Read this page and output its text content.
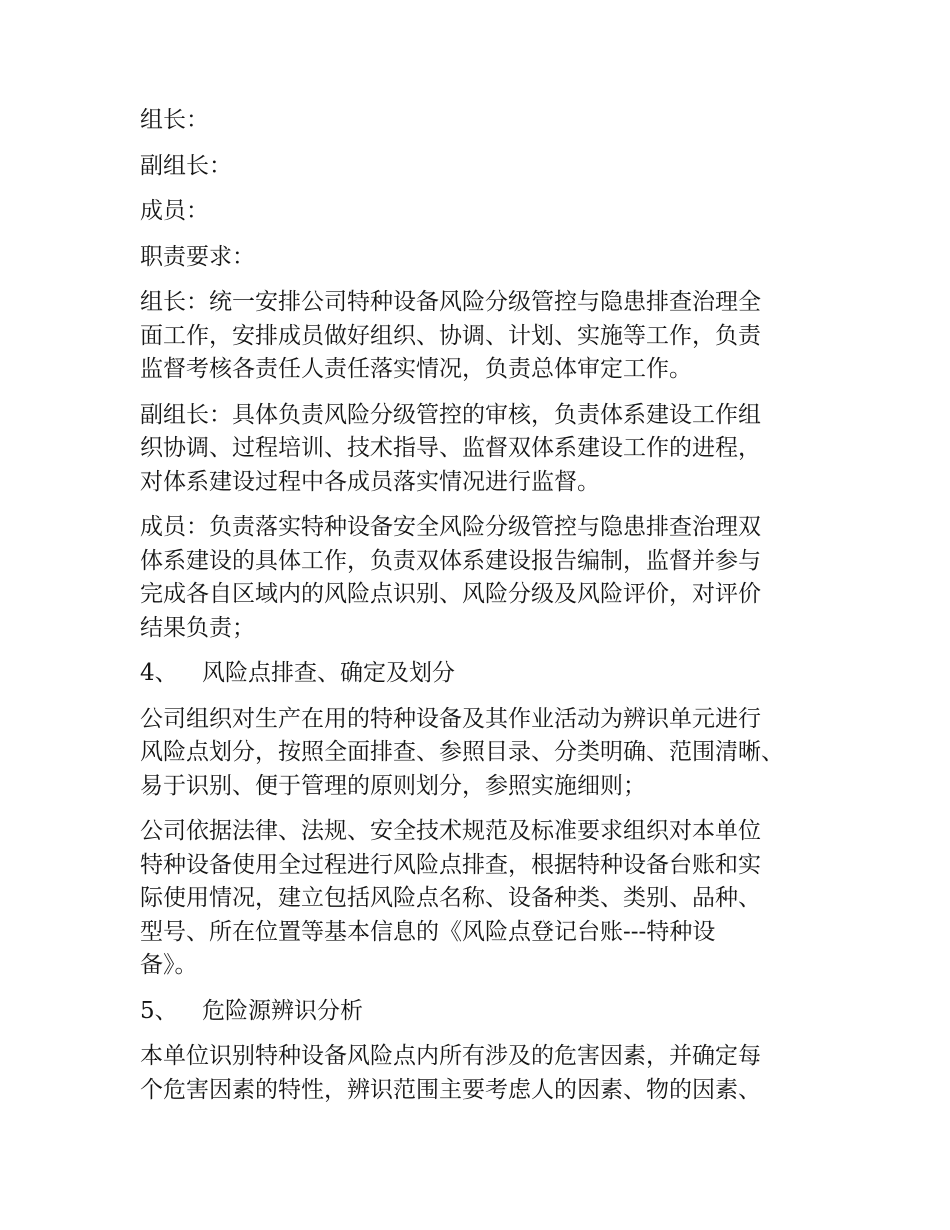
组长：

副组长：

成员：

职责要求：

组长：统一安排公司特种设备风险分级管控与隐患排查治理全
面工作，安排成员做好组织、协调、计划、实施等工作，负责
监督考核各责任人责任落实情况，负责总体审定工作。

副组长：具体负责风险分级管控的审核，负责体系建设工作组
织协调、过程培训、技术指导、监督双体系建设工作的进程，
对体系建设过程中各成员落实情况进行监督。

成员：负责落实特种设备安全风险分级管控与隐患排查治理双
体系建设的具体工作，负责双体系建设报告编制，监督并参与
完成各自区域内的风险点识别、风险分级及风险评价，对评价
结果负责；

4、 风险点排查、确定及划分

公司组织对生产在用的特种设备及其作业活动为辨识单元进行
风险点划分，按照全面排查、参照目录、分类明确、范围清晰、
易于识别、便于管理的原则划分，参照实施细则；

公司依据法律、法规、安全技术规范及标准要求组织对本单位
特种设备使用全过程进行风险点排查，根据特种设备台账和实
际使用情况，建立包括风险点名称、设备种类、类别、品种、
型号、所在位置等基本信息的《风险点登记台账---特种设
备》。

5、 危险源辨识分析

本单位识别特种设备风险点内所有涉及的危害因素，并确定每
个危害因素的特性，辨识范围主要考虑人的因素、物的因素、
